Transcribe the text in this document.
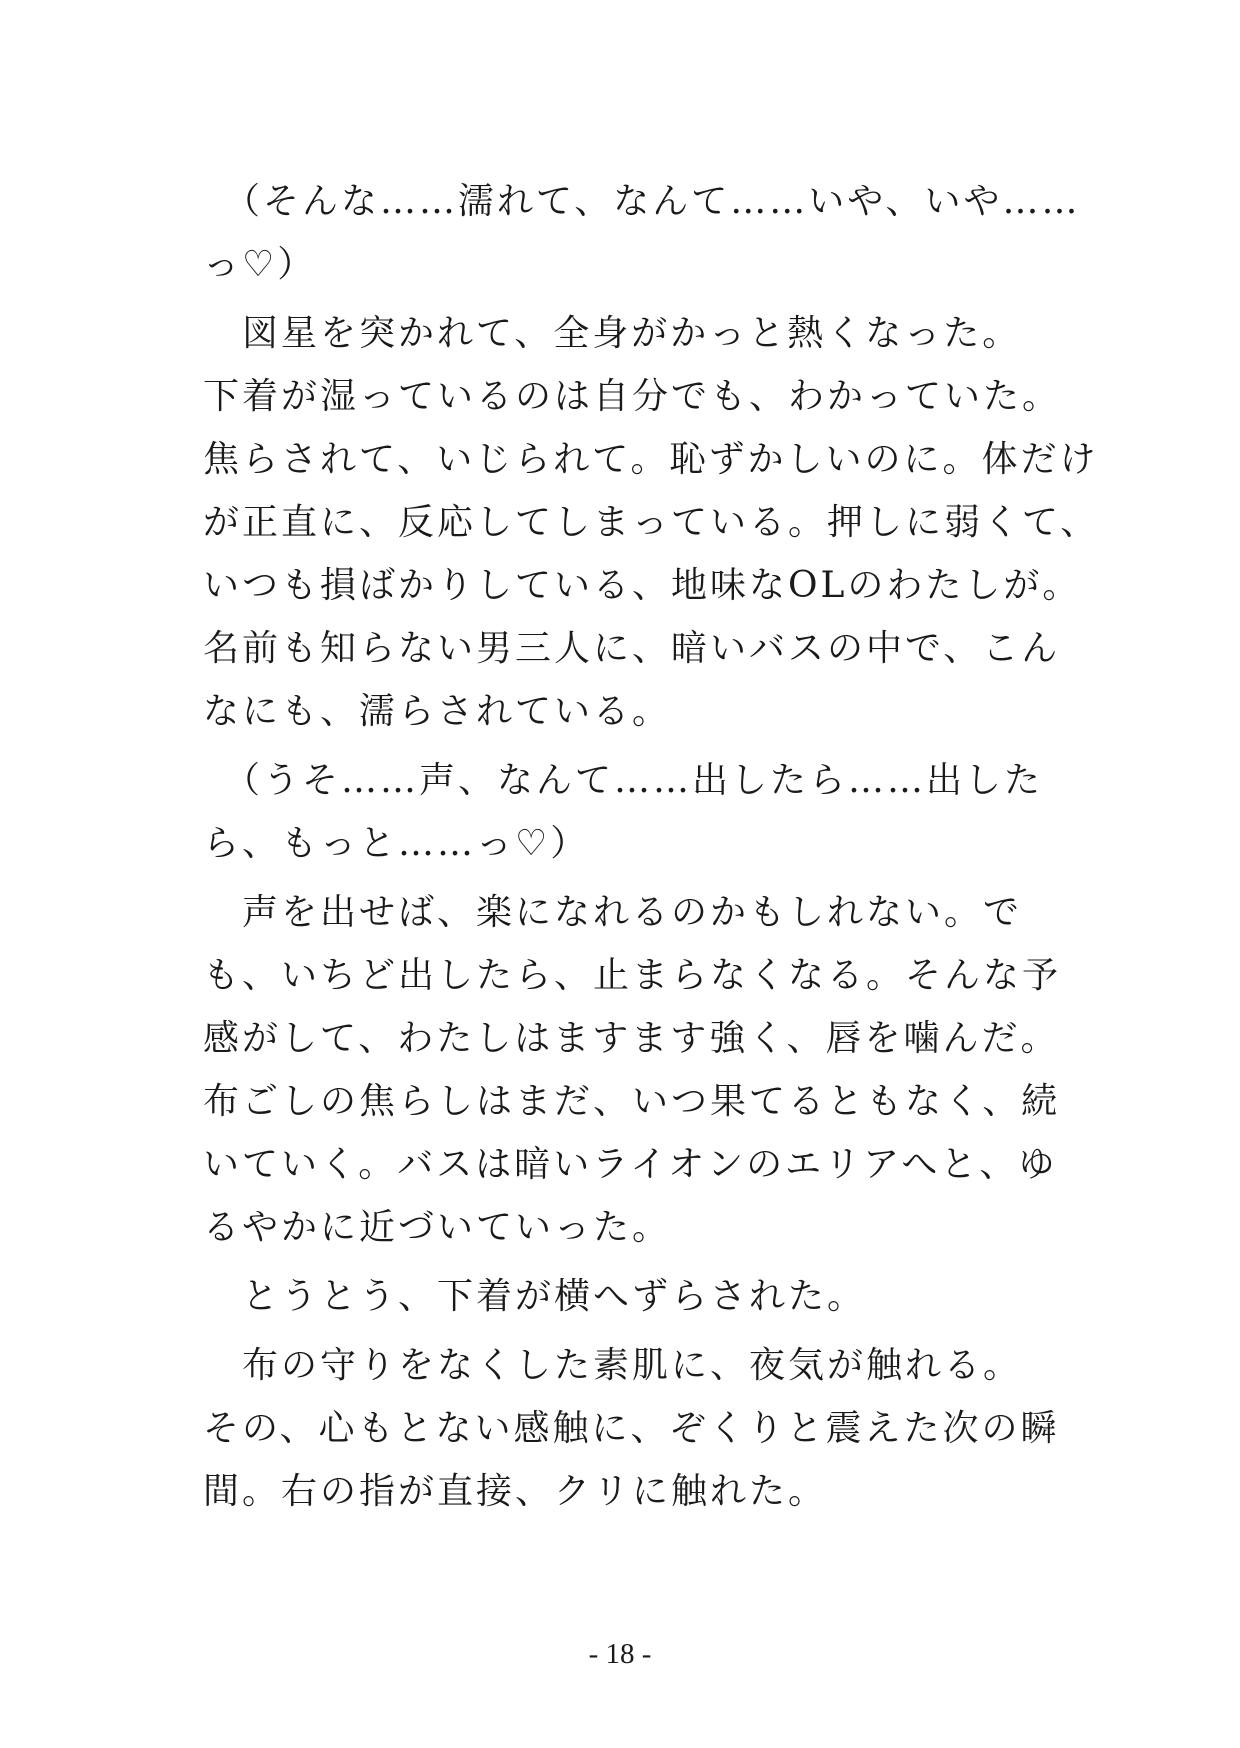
　（そんな……濡れて、なんて……いや、いや……
っ♡）

　図星を突かれて、全身がかっと熱くなった。
下着が湿っているのは自分でも、わかっていた。
焦らされて、いじられて。恥ずかしいのに。体だけ
が正直に、反応してしまっている。押しに弱くて、
いつも損ばかりしている、地味なOLのわたしが。
名前も知らない男三人に、暗いバスの中で、こん
なにも、濡らされている。

　（うそ……声、なんて……出したら……出した
ら、もっと……っ♡）

　声を出せば、楽になれるのかもしれない。で
も、いちど出したら、止まらなくなる。そんな予
感がして、わたしはますます強く、唇を噛んだ。
布ごしの焦らしはまだ、いつ果てるともなく、続
いていく。バスは暗いライオンのエリアへと、ゆ
るやかに近づいていった。

　とうとう、下着が横へずらされた。

　布の守りをなくした素肌に、夜気が触れる。
その、心もとない感触に、ぞくりと震えた次の瞬
間。右の指が直接、クリに触れた。

- 18 -
